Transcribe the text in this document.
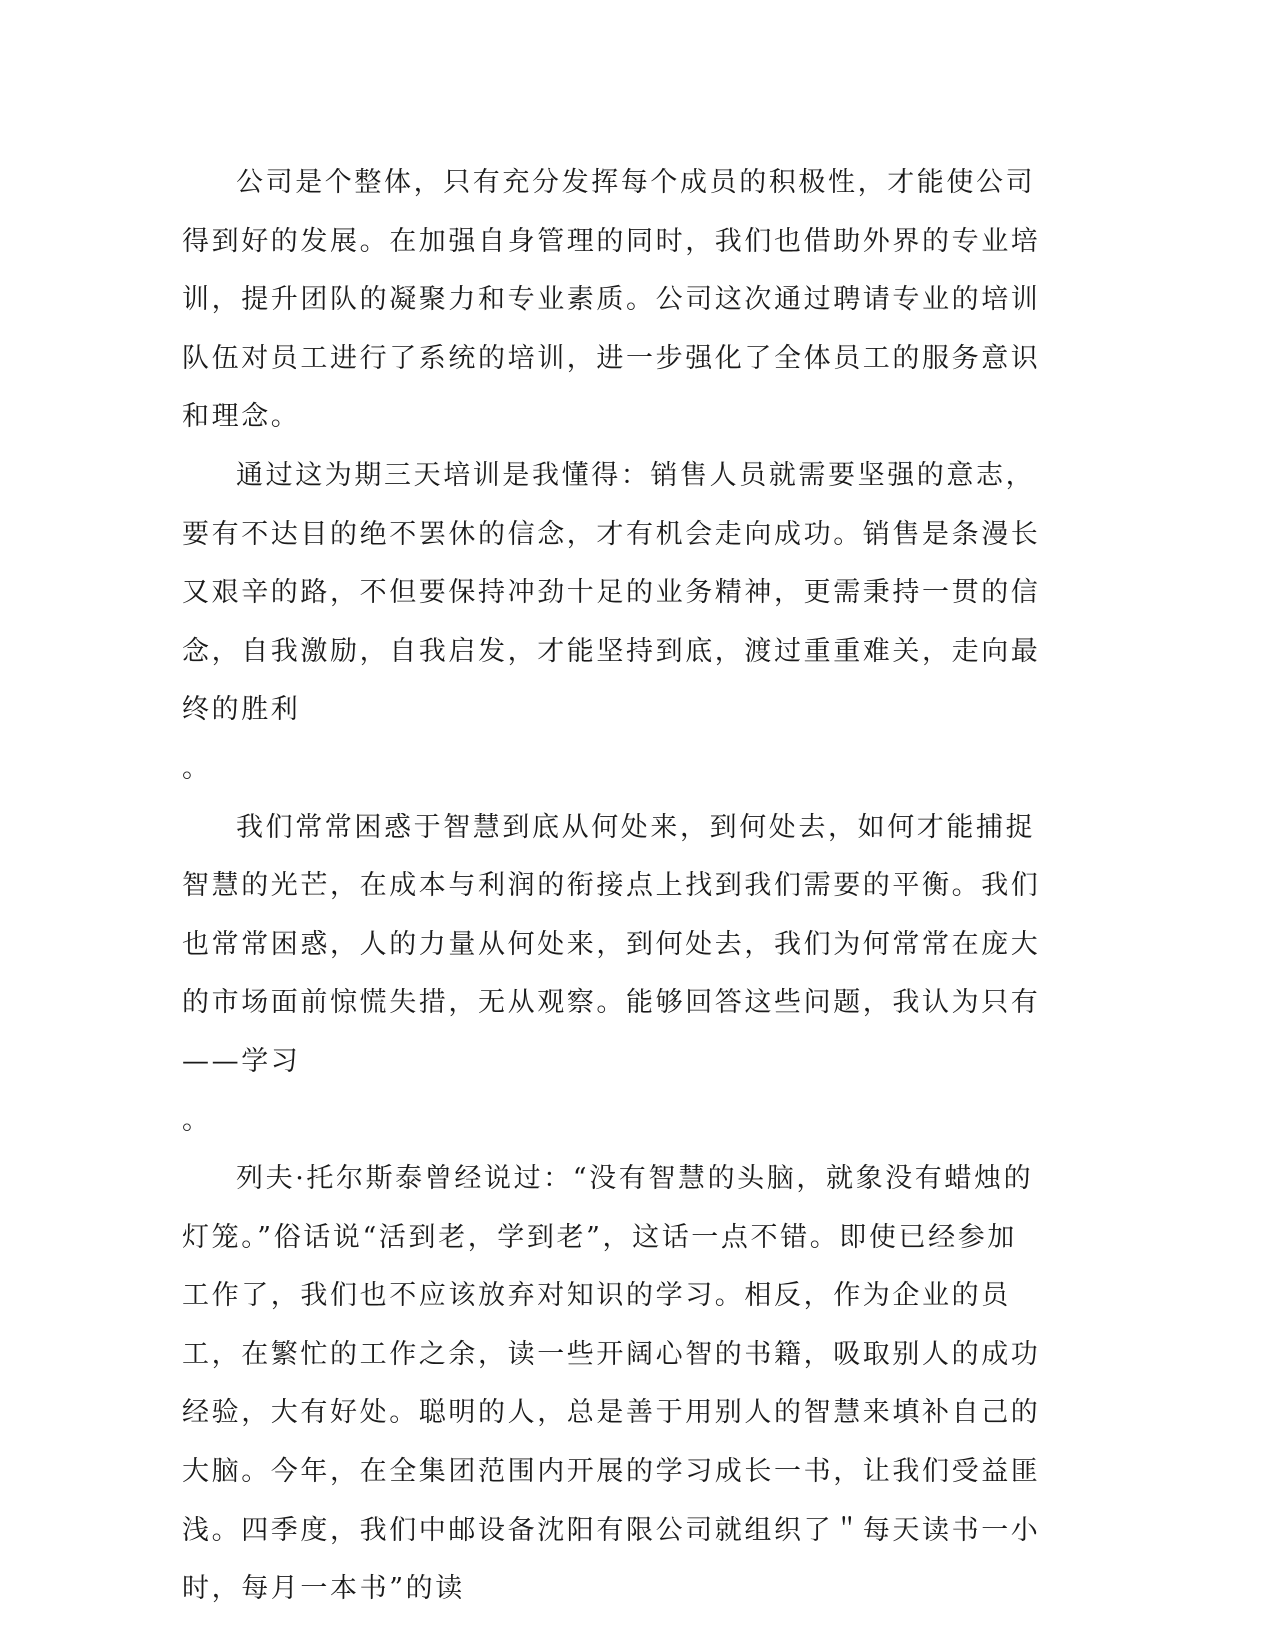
公司是个整体，只有充分发挥每个成员的积极性，才能使公司得到好的发展。在加强自身管理的同时，我们也借助外界的专业培训，提升团队的凝聚力和专业素质。公司这次通过聘请专业的培训队伍对员工进行了系统的培训，进一步强化了全体员工的服务意识和理念。

通过这为期三天培训是我懂得：销售人员就需要坚强的意志，要有不达目的绝不罢休的信念，才有机会走向成功。销售是条漫长又艰辛的路，不但要保持冲劲十足的业务精神，更需秉持一贯的信念，自我激励，自我启发，才能坚持到底，渡过重重难关，走向最终的胜利
。

我们常常困惑于智慧到底从何处来，到何处去，如何才能捕捉智慧的光芒，在成本与利润的衔接点上找到我们需要的平衡。我们也常常困惑，人的力量从何处来，到何处去，我们为何常常在庞大的市场面前惊慌失措，无从观察。能够回答这些问题，我认为只有——学习
。

列夫·托尔斯泰曾经说过：“没有智慧的头脑，就象没有蜡烛的灯笼。”俗话说“活到老，学到老”，这话一点不错。即使已经参加工作了，我们也不应该放弃对知识的学习。相反，作为企业的员工，在繁忙的工作之余，读一些开阔心智的书籍，吸取别人的成功经验，大有好处。聪明的人，总是善于用别人的智慧来填补自己的大脑。今年，在全集团范围内开展的学习成长一书，让我们受益匪浅。四季度，我们中邮设备沈阳有限公司就组织了＂每天读书一小时，每月一本书”的读
